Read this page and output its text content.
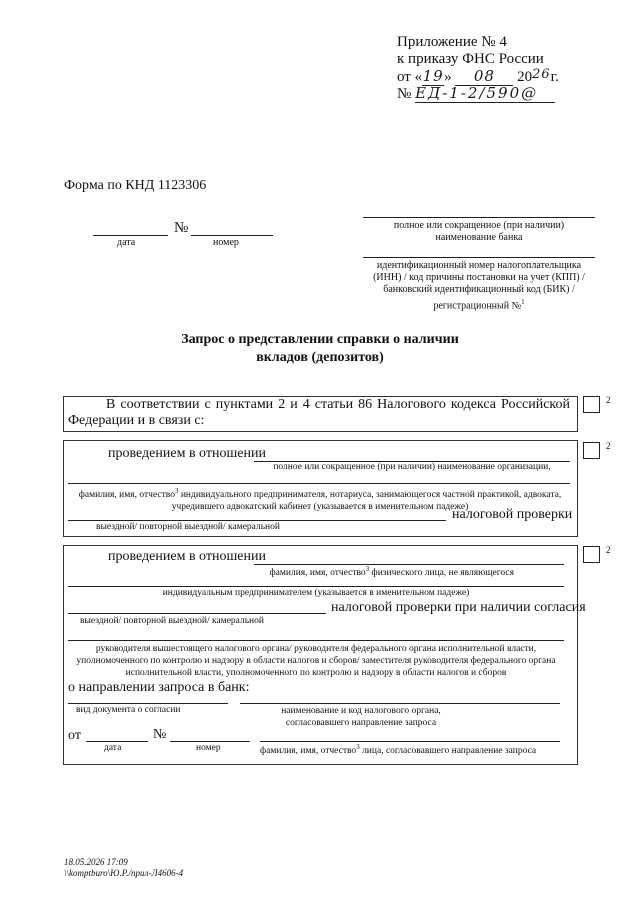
Приложение № 4
к приказу ФНС России
от «19» 08 2026г.
№ ЕД-1-2/590@
Форма по КНД 1123306
№
дата	номер
полное или сокращенное (при наличии) наименование банка
идентификационный номер налогоплательщика (ИНН) / код причины постановки на учет (КПП) / банковский идентификационный код (БИК) / регистрационный №$^1$
Запрос о представлении справки о наличии
вкладов (депозитов)
В соответствии с пунктами 2 и 4 статьи 86 Налогового кодекса Российской Федерации и в связи с:
2
проведением в отношении
полное или сокращенное (при наличии) наименование организации,
фамилия, имя, отчество$^3$ индивидуального предпринимателя, нотариуса, занимающегося частной практикой, адвоката,
учредившего адвокатский кабинет (указывается в именительном падеже)
налоговой проверки
выездной/ повторной выездной/ камеральной
2
проведением в отношении
фамилия, имя, отчество$^3$ физического лица, не являющегося
индивидуальным предпринимателем (указывается в именительном падеже)
налоговой проверки при наличии согласия
выездной/ повторной выездной/ камеральной
руководителя вышестоящего налогового органа/ руководителя федерального органа исполнительной власти, уполномоченного по контролю и надзору в области налогов и сборов/ заместителя руководителя федерального органа исполнительной власти, уполномоченного по контролю и надзору в области налогов и сборов
о направлении запроса в банк:
вид документа о согласии	наименование и код налогового органа, согласовавшего направление запроса
от	№
дата	номер	фамилия, имя, отчество$^3$ лица, согласовавшего направление запроса
2
18.05.2026 17:09
\\komptburo\Ю.Р./прил-Л4606-4
